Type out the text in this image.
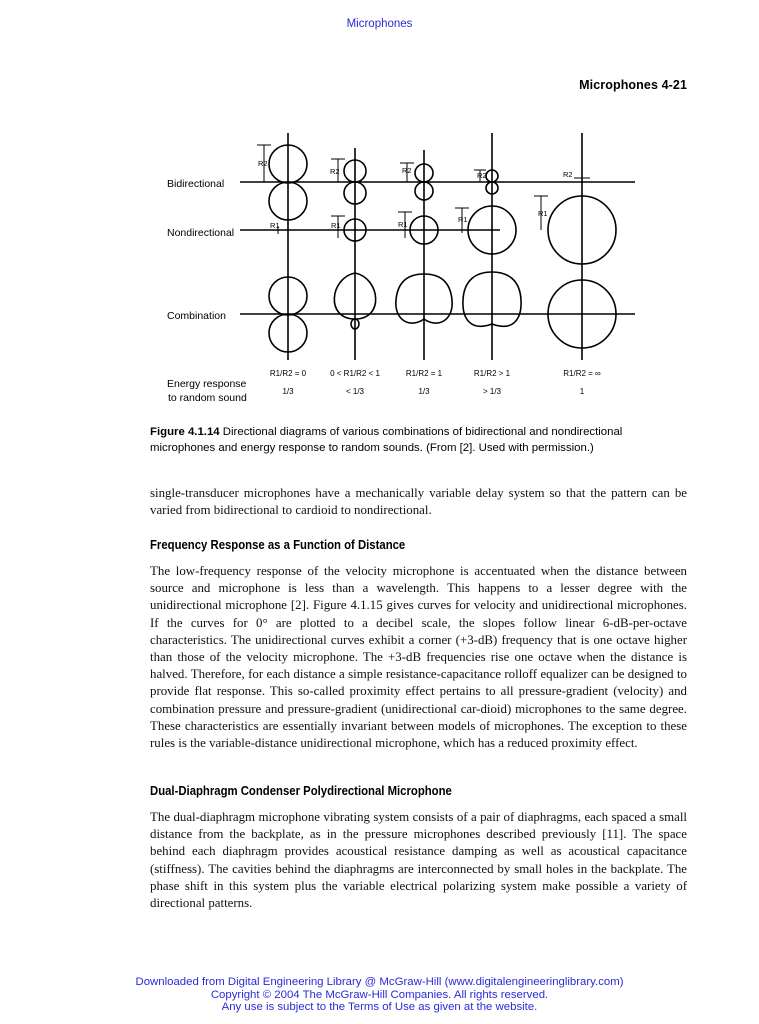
Microphones
Microphones 4-21
R2
R2	R2
R2	R2
R1	R1	R1
R1
R1
Bidirectional
Nondirectional
Combination
Energy response
to random sound
R1/R2 = 0
1/3
0 < R1/R2 < 1
< 1/3
R1/R2 = 1
1/3
R1/R2 > 1
> 1/3
R1/R2 = ∞
1
Figure 4.1.14 Directional diagrams of various combinations of bidirectional and nondirectional microphones and energy response to random sounds. (From [2]. Used with permission.)

single-transducer microphones have a mechanically variable delay system so that the pattern can be varied from bidirectional to cardioid to nondirectional.

Frequency Response as a Function of Distance

The low-frequency response of the velocity microphone is accentuated when the distance between source and microphone is less than a wavelength. This happens to a lesser degree with the unidirectional microphone [2]. Figure 4.1.15 gives curves for velocity and unidirectional microphones. If the curves for 0° are plotted to a decibel scale, the slopes follow linear 6-dB-per-octave characteristics. The unidirectional curves exhibit a corner (+3-dB) frequency that is one octave higher than those of the velocity microphone. The +3-dB frequencies rise one octave when the distance is halved. Therefore, for each distance a simple resistance-capacitance rolloff equalizer can be designed to provide flat response. This so-called proximity effect pertains to all pressure-gradient (velocity) and combination pressure and pressure-gradient (unidirectional car-dioid) microphones to the same degree. These characteristics are essentially invariant between models of microphones. The exception to these rules is the variable-distance unidirectional microphone, which has a reduced proximity effect.

Dual-Diaphragm Condenser Polydirectional Microphone

The dual-diaphragm microphone vibrating system consists of a pair of diaphragms, each spaced a small distance from the backplate, as in the pressure microphones described previously [11]. The space behind each diaphragm provides acoustical resistance damping as well as acoustical capacitance (stiffness). The cavities behind the diaphragms are interconnected by small holes in the backplate. The phase shift in this system plus the variable electrical polarizing system make possible a variety of directional patterns.

Downloaded from Digital Engineering Library @ McGraw-Hill (www.digitalengineeringlibrary.com)
Copyright © 2004 The McGraw-Hill Companies. All rights reserved.
Any use is subject to the Terms of Use as given at the website.
